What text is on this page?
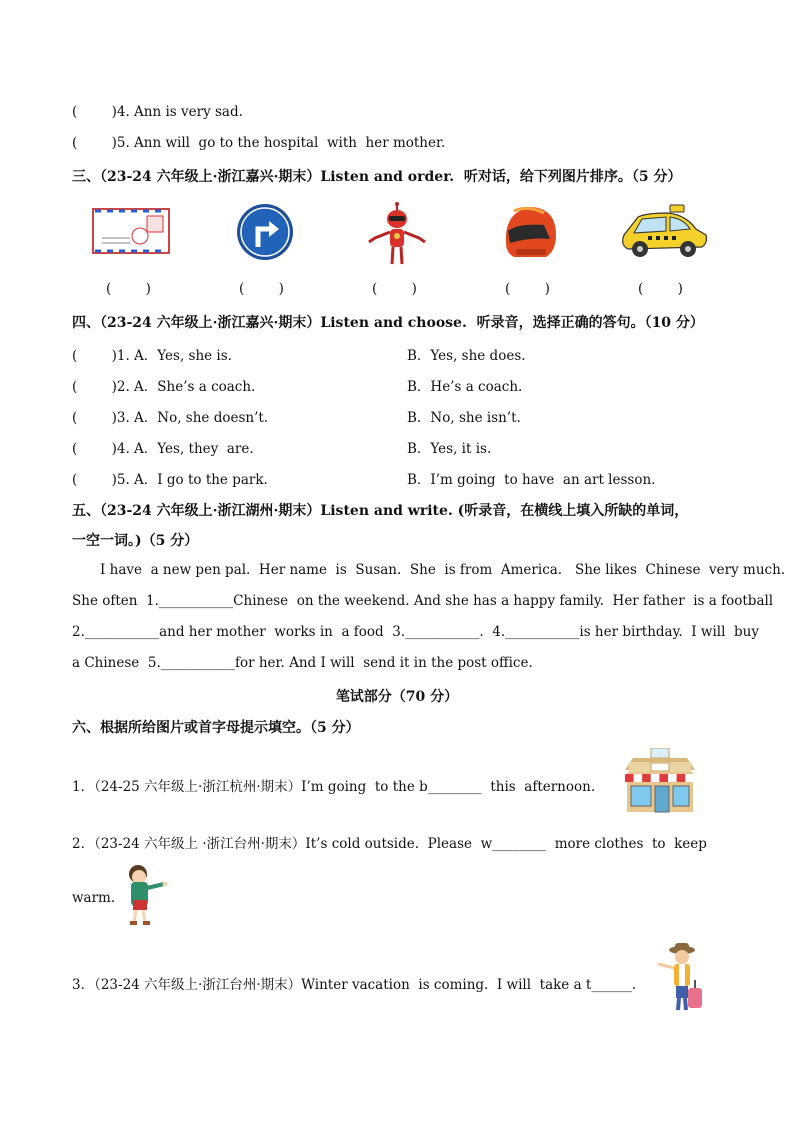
(        )4. Ann is very sad.
(        )5. Ann will  go to the hospital  with  her mother.
三、（23-24 六年级上·浙江嘉兴·期末）Listen and order.  听对话，给下列图片排序。（5 分）
(        )	(        )	(        )	(        )	(        )
四、（23-24 六年级上·浙江嘉兴·期末）Listen and choose.  听录音，选择正确的答句。（10 分）
(        )1. A．Yes, she is.	B．Yes, she does.
(        )2. A．She’s a coach.	B．He’s a coach.
(        )3. A．No, she doesn’t.	B．No, she isn’t.
(        )4. A．Yes, they  are.	B．Yes, it is.
(        )5. A．I go to the park.	B．I’m going  to have  an art lesson.
五、（23-24 六年级上·浙江湖州·期末）Listen and write. (听录音，在横线上填入所缺的单词，
一空一词。)（5 分）
I have  a new pen pal.  Her name  is  Susan.  She  is from  America.   She likes  Chinese  very much.
She often  1.___________Chinese  on the weekend. And she has a happy family.  Her father  is a football
2.___________and her mother  works in  a food  3.___________.  4.___________is her birthday.  I will  buy
a Chinese  5.___________for her. And I will  send it in the post office.
笔试部分（70 分）
六、根据所给图片或首字母提示填空。（5 分）
1．（24-25 六年级上·浙江杭州·期末）I’m going  to the b________  this  afternoon.
2．（23-24 六年级上 ·浙江台州·期末）It’s cold outside.  Please  w________  more clothes  to  keep
warm.
3．（23-24 六年级上·浙江台州·期末）Winter vacation  is coming.  I will  take a t______.
